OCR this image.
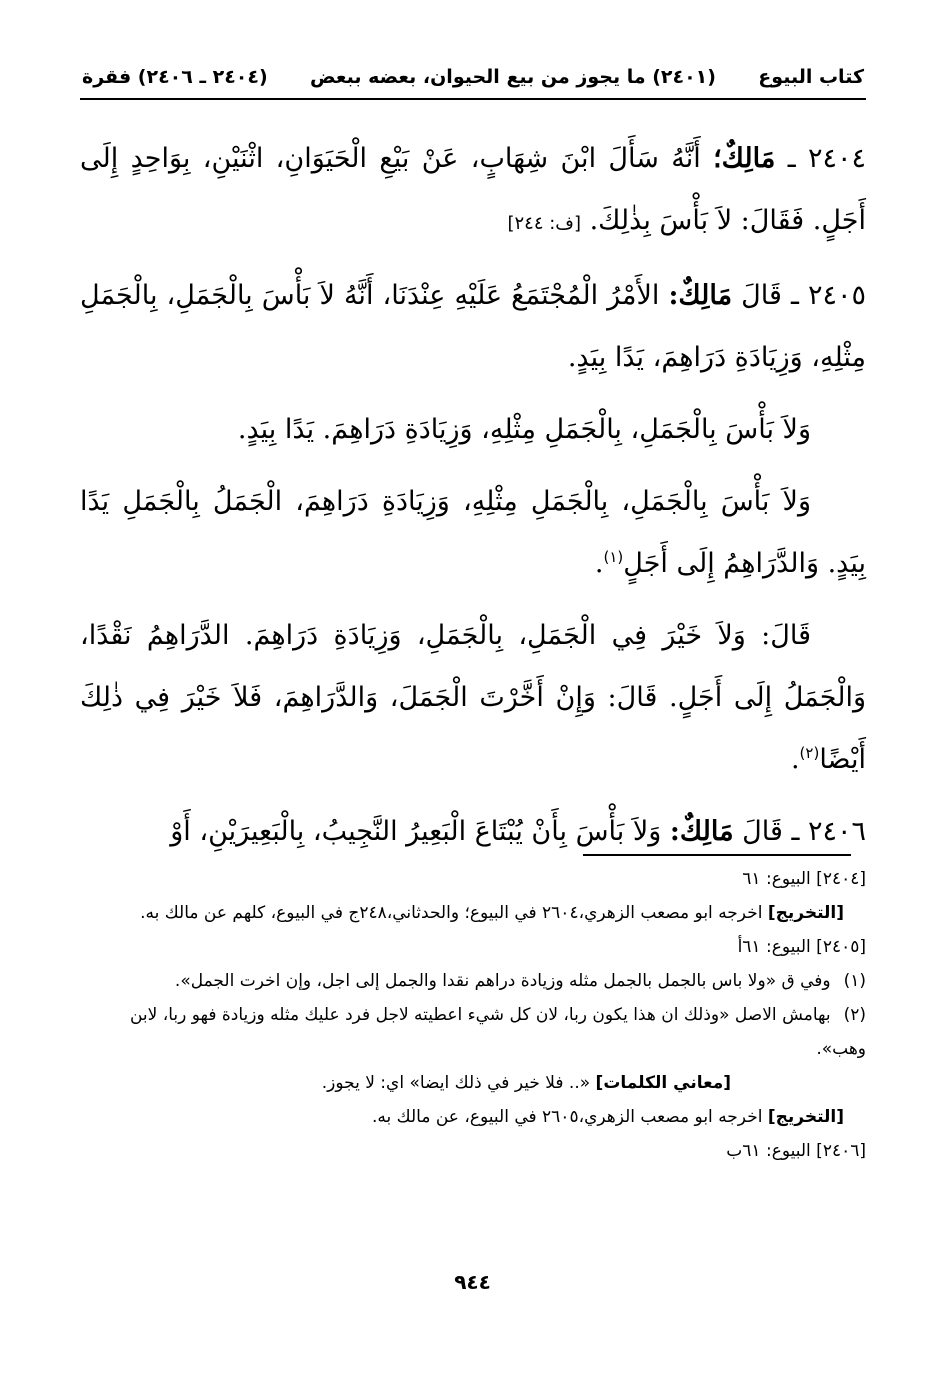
كتاب البيوع
(٢٤٠١) ما يجوز من بيع الحيوان، بعضه ببعض
(٢٤٠٤ ـ ٢٤٠٦) فقرة

٢٤٠٤ ـ مَالِكٌ؛ أَنَّهُ سَأَلَ ابْنَ شِهَابٍ، عَنْ بَيْعِ الْحَيَوَانِ، اثْنَيْنِ، بِوَاحِدٍ إِلَى أَجَلٍ. فَقَالَ: لاَ بَأْسَ بِذٰلِكَ. [ف: ٢٤٤]

٢٤٠٥ ـ قَالَ مَالِكٌ: الأَمْرُ الْمُجْتَمَعُ عَلَيْهِ عِنْدَنَا، أَنَّهُ لاَ بَأْسَ بِالْجَمَلِ، بِالْجَمَلِ مِثْلِهِ، وَزِيَادَةِ دَرَاهِمَ، يَدًا بِيَدٍ.

وَلاَ بَأْسَ بِالْجَمَلِ، بِالْجَمَلِ مِثْلِهِ، وَزِيَادَةِ دَرَاهِمَ. يَدًا بِيَدٍ.

وَلاَ بَأْسَ بِالْجَمَلِ، بِالْجَمَلِ مِثْلِهِ، وَزِيَادَةِ دَرَاهِمَ، الْجَمَلُ بِالْجَمَلِ يَدًا بِيَدٍ. وَالدَّرَاهِمُ إِلَى أَجَلٍ$^{(١)}$.

قَالَ: وَلاَ خَيْرَ فِي الْجَمَلِ، بِالْجَمَلِ، وَزِيَادَةِ دَرَاهِمَ. الدَّرَاهِمُ نَقْدًا، وَالْجَمَلُ إِلَى أَجَلٍ. قَالَ: وَإِنْ أَخَّرْتَ الْجَمَلَ، وَالدَّرَاهِمَ، فَلاَ خَيْرَ فِي ذٰلِكَ أَيْضًا$^{(٢)}$.

٢٤٠٦ ـ قَالَ مَالِكٌ: وَلاَ بَأْسَ بِأَنْ يُبْتَاعَ الْبَعِيرُ النَّجِيبُ، بِالْبَعِيرَيْنِ، أَوْ

[٢٤٠٤] البيوع: ٦١

[التخريج] اخرجه ابو مصعب الزهري،٢٦٠٤ في البيوع؛ والحدثاني،٢٤٨ج في البيوع، كلهم عن مالك به.

[٢٤٠٥] البيوع: ٦١أ

(١) وفي ق «ولا باس بالجمل بالجمل مثله وزيادة دراهم نقدا والجمل إلى اجل، وإن اخرت الجمل».

(٢) بهامش الاصل «وذلك ان هذا يكون ربا، لان كل شيء اعطيته لاجل فرد عليك مثله وزيادة فهو ربا، لابن وهب».

[معاني الكلمات] «.. فلا خير في ذلك ايضا» اي: لا يجوز.

[التخريج] اخرجه ابو مصعب الزهري،٢٦٠٥ في البيوع، عن مالك به.

[٢٤٠٦] البيوع: ٦١ب

٩٤٤
